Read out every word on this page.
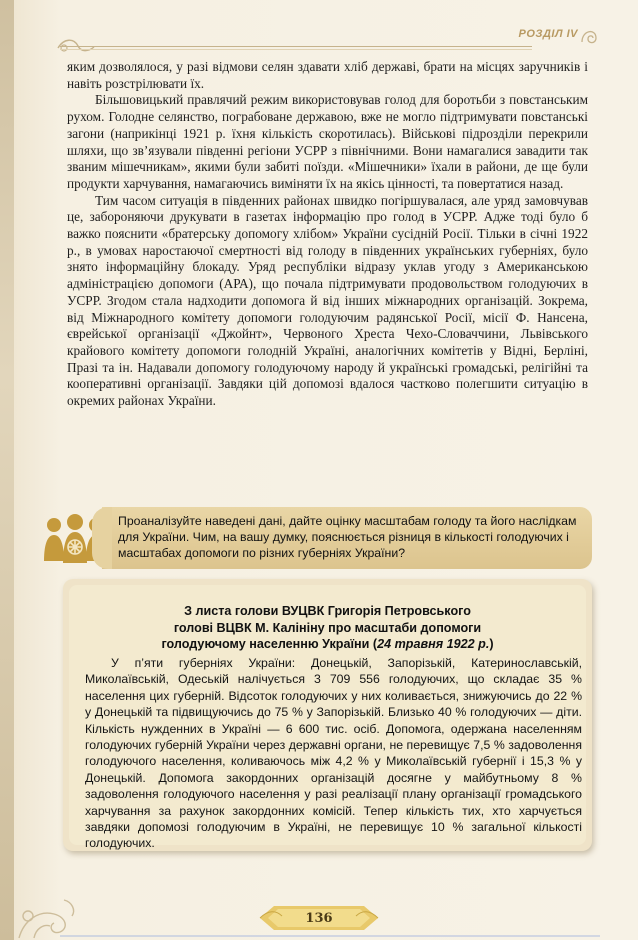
РОЗДІЛ IV

яким дозволялося, у разі відмови селян здавати хліб державі, брати на місцях заручників і навіть розстрілювати їх.

Більшовицький правлячий режим використовував голод для боротьби з повстанським рухом. Голодне селянство, пограбоване державою, вже не могло підтримувати повстанські загони (наприкінці 1921 р. їхня кількість скоротилась). Військові підрозділи перекрили шляхи, що зв’язували південні регіони УСРР з північними. Вони намагалися завадити так званим мішечникам», якими були забиті поїзди. «Мішечники» їхали в райони, де ще були продукти харчування, намагаючись виміняти їх на якісь цінності, та повертатися назад.

Тим часом ситуація в південних районах швидко погіршувалася, але уряд замовчував це, забороняючи друкувати в газетах інформацію про голод в УСРР. Адже тоді було б важко пояснити «братерську допомогу хлібом» України сусідній Росії. Тільки в січні 1922 р., в умовах наростаючої смертності від голоду в південних українських губерніях, було знято інформаційну блокаду. Уряд республіки відразу уклав угоду з Американською адміністрацією допомоги (АРА), що почала підтримувати продовольством голодуючих в УСРР. Згодом стала надходити допомога й від інших міжнародних організацій. Зокрема, від Міжнародного комітету допомоги голодуючим радянської Росії, місії Ф. Нансена, єврейської організації «Джойнт», Червоного Хреста Чехо-Словаччини, Львівського крайового комітету допомоги голодній Україні, аналогічних комітетів у Відні, Берліні, Празі та ін. Надавали допомогу голодуючому народу й українські громадські, релігійні та кооперативні організації. Завдяки цій допомозі вдалося частково полегшити ситуацію в окремих районах України.

Проаналізуйте наведені дані, дайте оцінку масштабам голоду та його наслідкам для України. Чим, на вашу думку, пояснюється різниця в кількості голодуючих і масштабах допомоги по різних губерніях України?
З листа голови ВУЦВК Григорія Петровського
голові ВЦВК М. Калініну про масштаби допомоги
голодуючому населенню України (24 травня 1922 р.)
У п’яти губерніях України: Донецькій, Запорізькій, Катеринославській, Миколаївській, Одеській налічується 3 709 556 голодуючих, що складає 35 % населення цих губерній. Відсоток голодуючих у них коливається, знижуючись до 22 % у Донецькій та підвищуючись до 75 % у Запорізькій. Близько 40 % голодуючих — діти. Кількість нужденних в Україні — 6 600 тис. осіб. Допомога, одержана населенням голодуючих губерній України через державні органи, не перевищує 7,5 % задоволення голодуючого населення, коливаючось між 4,2 % у Миколаївській губернії і 15,3 % у Донецькій. Допомога закордонних організацій досягне у майбутньому 8 % задоволення голодуючого населення у разі реалізації плану організації громадського харчування за рахунок закордонних комісій. Тепер кількість тих, хто харчується завдяки допомозі голодуючим в Україні, не перевищує 10 % загальної кількості голодуючих.
136
